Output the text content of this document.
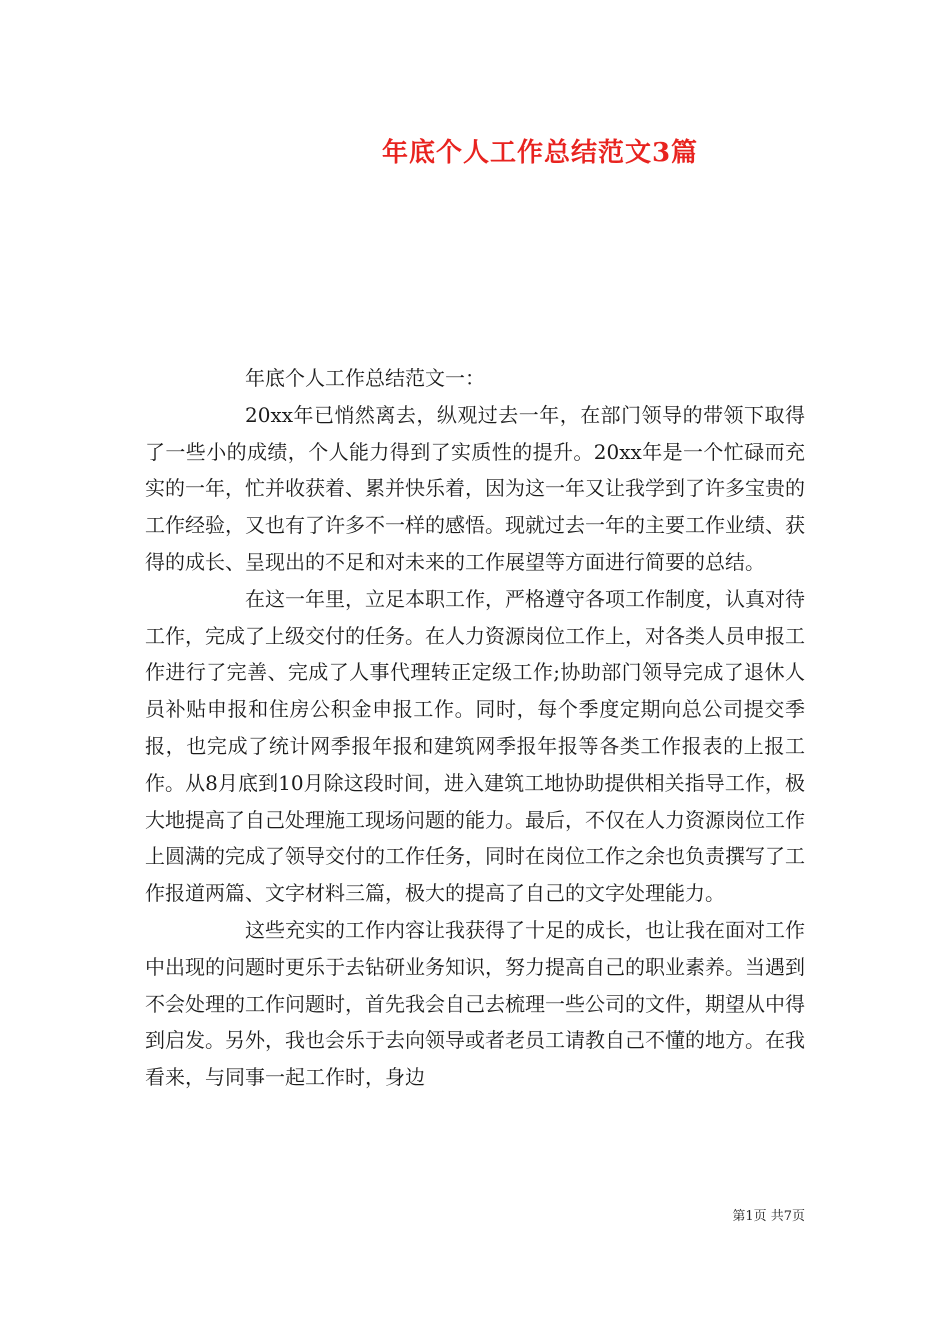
年底个人工作总结范文3篇

年底个人工作总结范文一：

20xx年已悄然离去，纵观过去一年，在部门领导的带领下取得了一些小的成绩，个人能力得到了实质性的提升。20xx年是一个忙碌而充实的一年，忙并收获着、累并快乐着，因为这一年又让我学到了许多宝贵的工作经验，又也有了许多不一样的感悟。现就过去一年的主要工作业绩、获得的成长、呈现出的不足和对未来的工作展望等方面进行简要的总结。

在这一年里，立足本职工作，严格遵守各项工作制度，认真对待工作，完成了上级交付的任务。在人力资源岗位工作上，对各类人员申报工作进行了完善、完成了人事代理转正定级工作;协助部门领导完成了退休人员补贴申报和住房公积金申报工作。同时，每个季度定期向总公司提交季报，也完成了统计网季报年报和建筑网季报年报等各类工作报表的上报工作。从8月底到10月除这段时间，进入建筑工地协助提供相关指导工作，极大地提高了自己处理施工现场问题的能力。最后，不仅在人力资源岗位工作上圆满的完成了领导交付的工作任务，同时在岗位工作之余也负责撰写了工作报道两篇、文字材料三篇，极大的提高了自己的文字处理能力。

这些充实的工作内容让我获得了十足的成长，也让我在面对工作中出现的问题时更乐于去钻研业务知识，努力提高自己的职业素养。当遇到不会处理的工作问题时，首先我会自己去梳理一些公司的文件，期望从中得到启发。另外，我也会乐于去向领导或者老员工请教自己不懂的地方。在我看来，与同事一起工作时，身边

第1页 共7页
